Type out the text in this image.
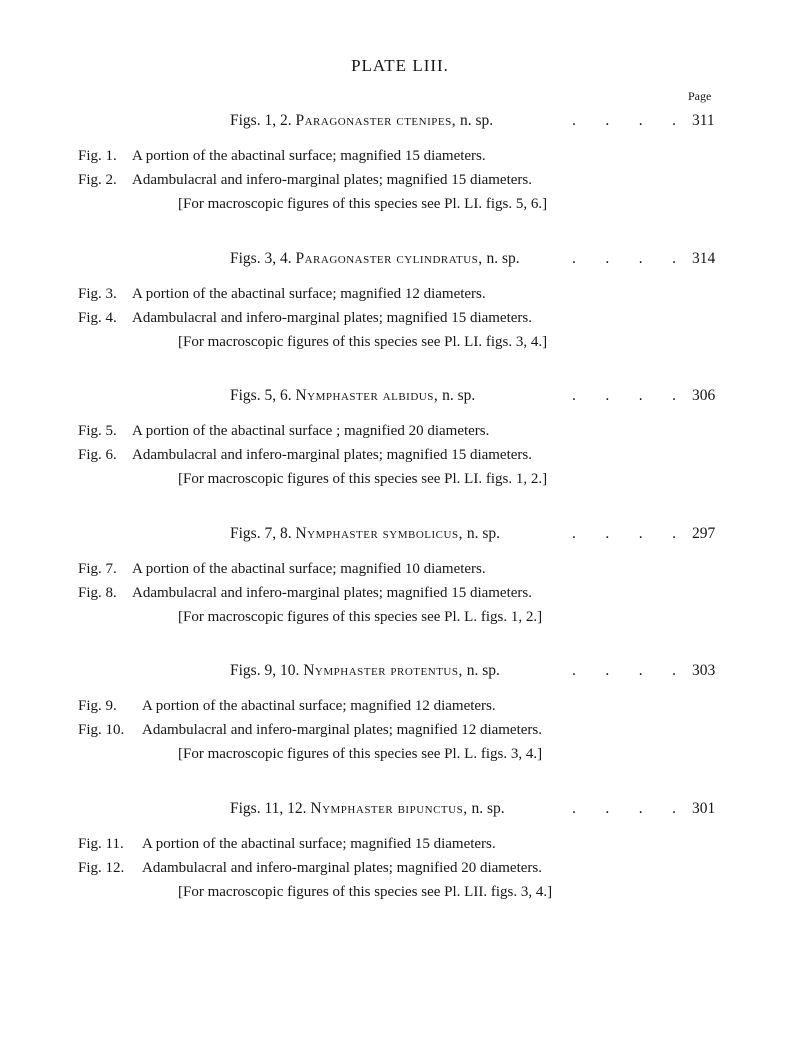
PLATE LIII.
Page
Figs. 1, 2. Paragonaster ctenipes, n. sp.	. . . . 311
Fig. 1. A portion of the abactinal surface; magnified 15 diameters.
Fig. 2. Adambulacral and infero-marginal plates; magnified 15 diameters.
[For macroscopic figures of this species see Pl. LI. figs. 5, 6.]
Figs. 3, 4. Paragonaster cylindratus, n. sp.	. . . . 314
Fig. 3. A portion of the abactinal surface; magnified 12 diameters.
Fig. 4. Adambulacral and infero-marginal plates; magnified 15 diameters.
[For macroscopic figures of this species see Pl. LI. figs. 3, 4.]
Figs. 5, 6. Nymphaster albidus, n. sp.	. . . . 306
Fig. 5. A portion of the abactinal surface ; magnified 20 diameters.
Fig. 6. Adambulacral and infero-marginal plates; magnified 15 diameters.
[For macroscopic figures of this species see Pl. LI. figs. 1, 2.]
Figs. 7, 8. Nymphaster symbolicus, n. sp.	. . . . 297
Fig. 7. A portion of the abactinal surface; magnified 10 diameters.
Fig. 8. Adambulacral and infero-marginal plates; magnified 15 diameters.
[For macroscopic figures of this species see Pl. L. figs. 1, 2.]
Figs. 9, 10. Nymphaster protentus, n. sp.	. . . . 303
Fig. 9. A portion of the abactinal surface; magnified 12 diameters.
Fig. 10. Adambulacral and infero-marginal plates; magnified 12 diameters.
[For macroscopic figures of this species see Pl. L. figs. 3, 4.]
Figs. 11, 12. Nymphaster bipunctus, n. sp.	. . . . 301
Fig. 11. A portion of the abactinal surface; magnified 15 diameters.
Fig. 12. Adambulacral and infero-marginal plates; magnified 20 diameters.
[For macroscopic figures of this species see Pl. LII. figs. 3, 4.]
